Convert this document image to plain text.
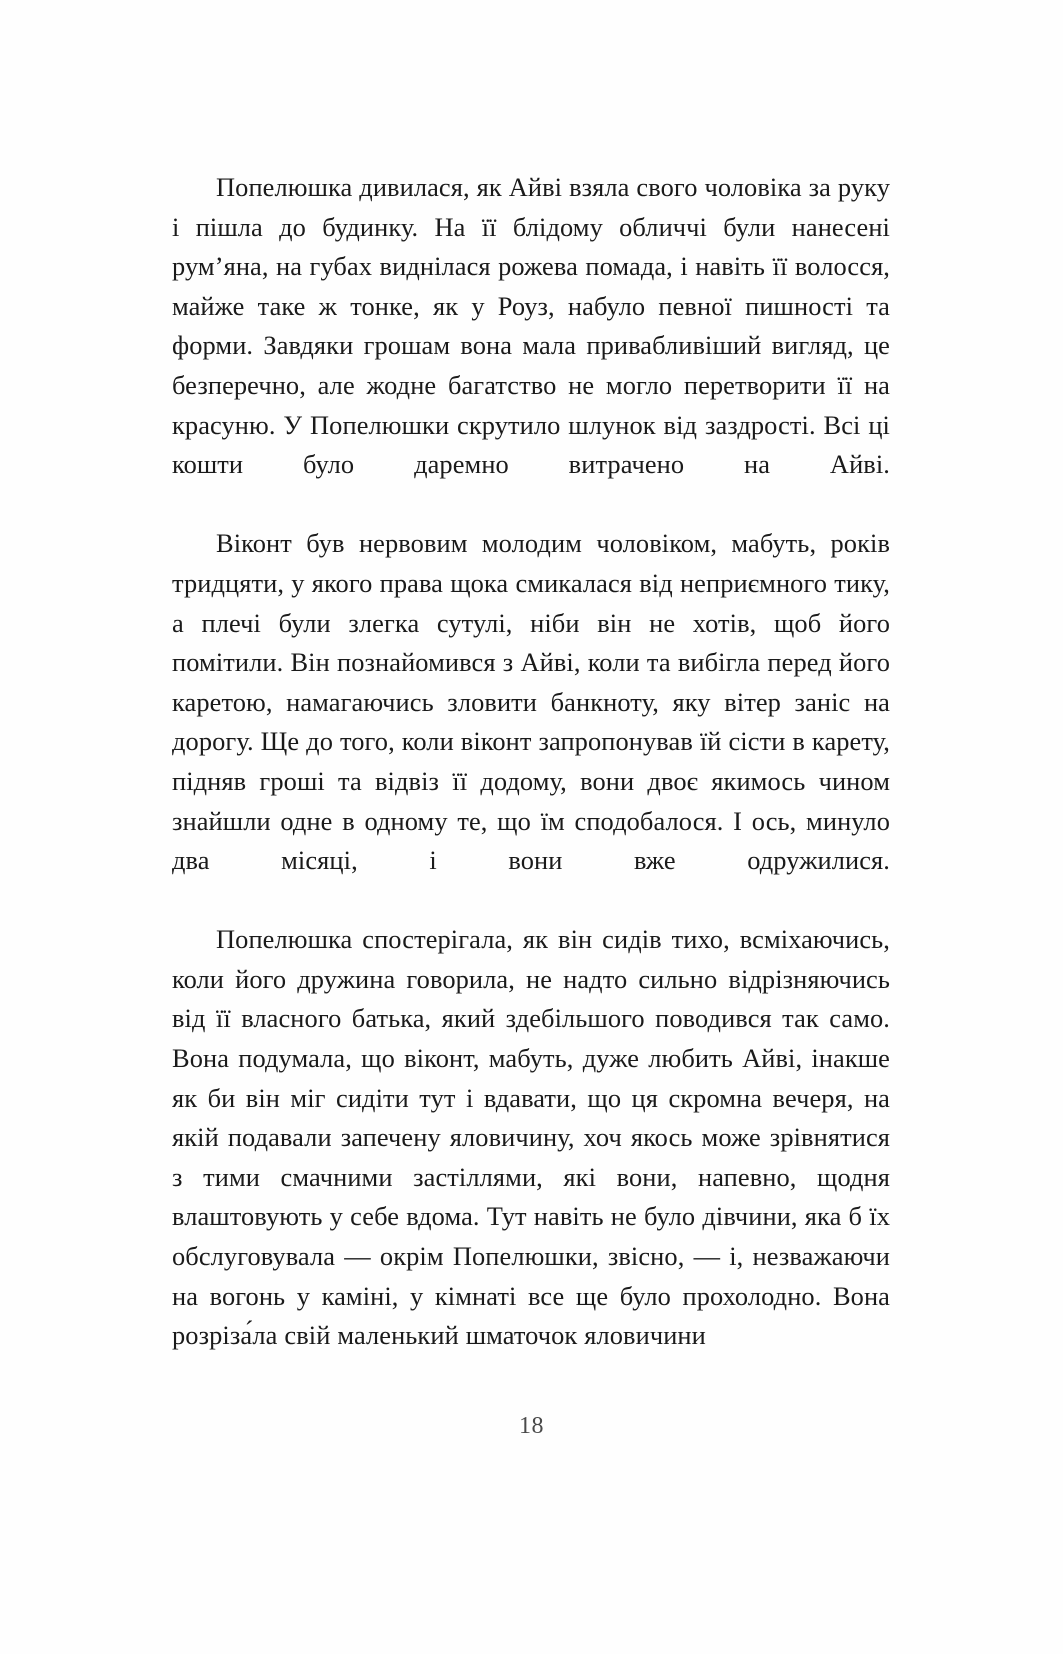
Попелюшка дивилася, як Айві взяла свого чоловіка за руку і пішла до будинку. На її блідому обличчі були нанесені рум’яна, на губах виднілася рожева помада, і навіть її волосся, майже таке ж тонке, як у Роуз, набуло певної пишності та форми. Завдяки грошам вона мала привабливіший вигляд, це безперечно, але жодне багатство не могло перетворити її на красуню. У Попелюшки скрутило шлунок від заздрості. Всі ці кошти було даремно витрачено на Айві.

Віконт був нервовим молодим чоловіком, мабуть, років тридцяти, у якого права щока смикалася від неприємного тику, а плечі були злегка сутулі, ніби він не хотів, щоб його помітили. Він познайомився з Айві, коли та вибігла перед його каретою, намагаючись зловити банкноту, яку вітер заніс на дорогу. Ще до того, коли віконт запропонував їй сісти в карету, підняв гроші та відвіз її додому, вони двоє якимось чином знайшли одне в одному те, що їм сподобалося. І ось, минуло два місяці, і вони вже одружилися.

Попелюшка спостерігала, як він сидів тихо, всміхаючись, коли його дружина говорила, не надто сильно відрізняючись від її власного батька, який здебільшого поводився так само. Вона подумала, що віконт, мабуть, дуже любить Айві, інакше як би він міг сидіти тут і вдавати, що ця скромна вечеря, на якій подавали запечену яловичину, хоч якось може зрівнятися з тими смачними застіллями, які вони, напевно, щодня влаштовують у себе вдома. Тут навіть не було дівчини, яка б їх обслуговувала — окрім Попелюшки, звісно, — і, незважаючи на вогонь у каміні, у кімнаті все ще було прохолодно. Вона розріза́ла свій маленький шматочок яловичини

18
